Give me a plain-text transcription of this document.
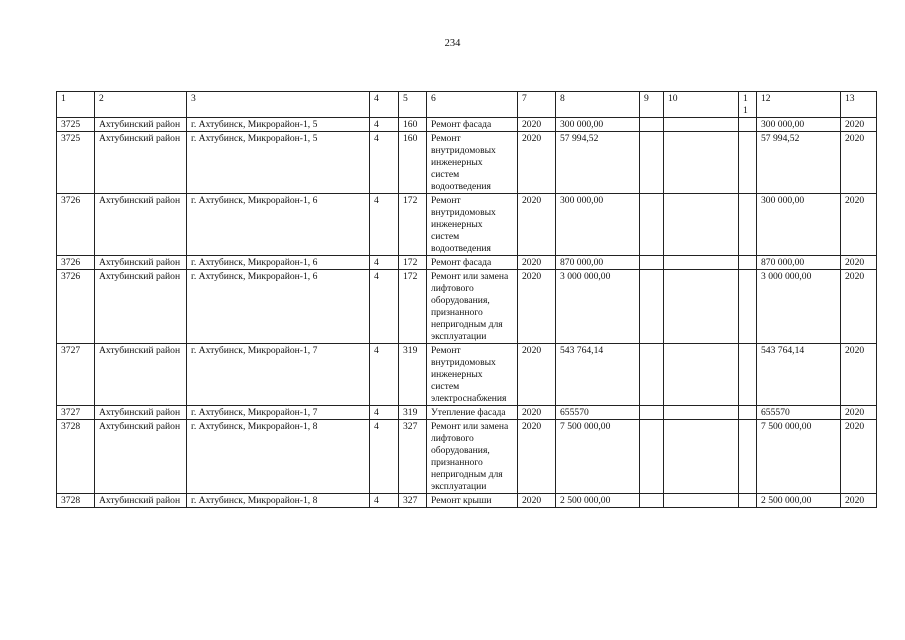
234
1	2	3	4	5	6	7	8	9	10	11	12	13
3725	Ахтубинский район	г. Ахтубинск, Микрорайон-1, 5	4	160	Ремонт фасада	2020	300 000,00				300 000,00	2020
3725	Ахтубинский район	г. Ахтубинск, Микрорайон-1, 5	4	160	Ремонт внутридомовых инженерных систем водоотведения	2020	57 994,52				57 994,52	2020
3726	Ахтубинский район	г. Ахтубинск, Микрорайон-1, 6	4	172	Ремонт внутридомовых инженерных систем водоотведения	2020	300 000,00				300 000,00	2020
3726	Ахтубинский район	г. Ахтубинск, Микрорайон-1, 6	4	172	Ремонт фасада	2020	870 000,00				870 000,00	2020
3726	Ахтубинский район	г. Ахтубинск, Микрорайон-1, 6	4	172	Ремонт или замена лифтового оборудования, признанного непригодным для эксплуатации	2020	3 000 000,00				3 000 000,00	2020
3727	Ахтубинский район	г. Ахтубинск, Микрорайон-1, 7	4	319	Ремонт внутридомовых инженерных систем электроснабжения	2020	543 764,14				543 764,14	2020
3727	Ахтубинский район	г. Ахтубинск, Микрорайон-1, 7	4	319	Утепление фасада	2020	655570				655570	2020
3728	Ахтубинский район	г. Ахтубинск, Микрорайон-1, 8	4	327	Ремонт или замена лифтового оборудования, признанного непригодным для эксплуатации	2020	7 500 000,00				7 500 000,00	2020
3728	Ахтубинский район	г. Ахтубинск, Микрорайон-1, 8	4	327	Ремонт крыши	2020	2 500 000,00				2 500 000,00	2020
